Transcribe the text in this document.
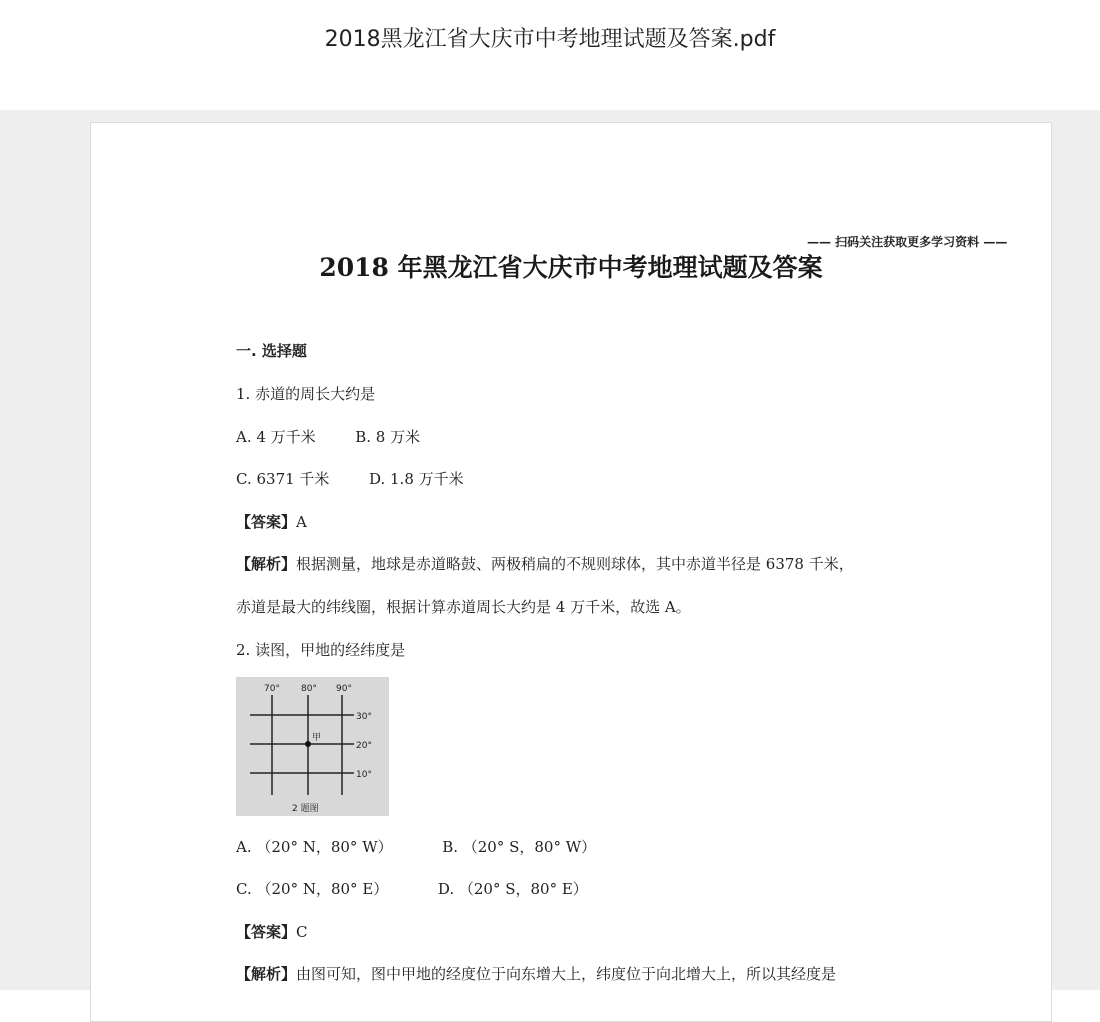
2018黑龙江省大庆市中考地理试题及答案.pdf
—— 扫码关注获取更多学习资料 ——
2018 年黑龙江省大庆市中考地理试题及答案
一. 选择题
1. 赤道的周长大约是
A. 4 万千米	B. 8 万米
C. 6371 千米	D. 1.8 万千米
【答案】A
【解析】根据测量，地球是赤道略鼓、两极稍扁的不规则球体，其中赤道半径是 6378 千米，
赤道是最大的纬线圈，根据计算赤道周长大约是 4 万千米，故选 A。
2. 读图，甲地的经纬度是
甲
70° 80° 90°
30°
20°
10°
2 题图
A. （20° N，80° W）	B. （20° S，80° W）
C. （20° N，80° E）	D. （20° S，80° E）
【答案】C
【解析】由图可知，图中甲地的经度位于向东增大上，纬度位于向北增大上，所以其经度是
